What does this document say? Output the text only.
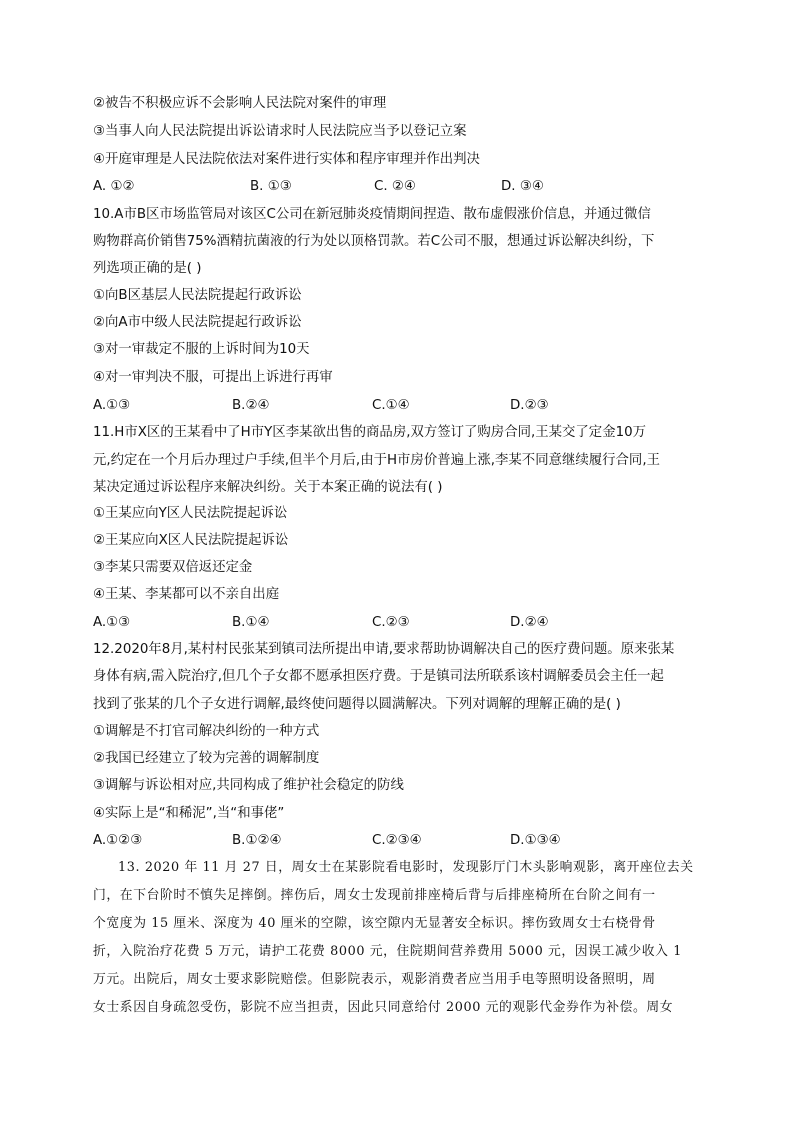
②被告不积极应诉不会影响人民法院对案件的审理
③当事人向人民法院提出诉讼请求时人民法院应当予以登记立案
④开庭审理是人民法院依法对案件进行实体和程序审理并作出判决
A. ①②	B. ①③	C. ②④	D. ③④
10.A市B区市场监管局对该区C公司在新冠肺炎疫情期间捏造、散布虚假涨价信息，并通过微信
购物群高价销售75%酒精抗菌液的行为处以顶格罚款。若C公司不服，想通过诉讼解决纠纷，下
列选项正确的是( )
①向B区基层人民法院提起行政诉讼
②向A市中级人民法院提起行政诉讼
③对一审裁定不服的上诉时间为10天
④对一审判决不服，可提出上诉进行再审
A.①③	B.②④	C.①④	D.②③
11.H市X区的王某看中了H市Y区李某欲出售的商品房,双方签订了购房合同,王某交了定金10万
元,约定在一个月后办理过户手续,但半个月后,由于H市房价普遍上涨,李某不同意继续履行合同,王
某决定通过诉讼程序来解决纠纷。关于本案正确的说法有( )
①王某应向Y区人民法院提起诉讼
②王某应向X区人民法院提起诉讼
③李某只需要双倍返还定金
④王某、李某都可以不亲自出庭
A.①③	B.①④	C.②③	D.②④
12.2020年8月,某村村民张某到镇司法所提出申请,要求帮助协调解决自己的医疗费问题。原来张某
身体有病,需入院治疗,但几个子女都不愿承担医疗费。于是镇司法所联系该村调解委员会主任一起
找到了张某的几个子女进行调解,最终使问题得以圆满解决。下列对调解的理解正确的是( )
①调解是不打官司解决纠纷的一种方式
②我国已经建立了较为完善的调解制度
③调解与诉讼相对应,共同构成了维护社会稳定的防线
④实际上是“和稀泥”,当“和事佬”
A.①②③	B.①②④	C.②③④	D.①③④
13. 2020 年 11 月 27 日，周女士在某影院看电影时，发现影厅门木头影响观影，离开座位去关
门，在下台阶时不慎失足摔倒。摔伤后，周女士发现前排座椅后背与后排座椅所在台阶之间有一
个宽度为 15 厘米、深度为 40 厘米的空隙，该空隙内无显著安全标识。摔伤致周女士右桡骨骨
折，入院治疗花费 5 万元，请护工花费 8000 元，住院期间营养费用 5000 元，因误工减少收入 1
万元。出院后，周女士要求影院赔偿。但影院表示，观影消费者应当用手电等照明设备照明，周
女士系因自身疏忽受伤，影院不应当担责，因此只同意给付 2000 元的观影代金券作为补偿。周女
